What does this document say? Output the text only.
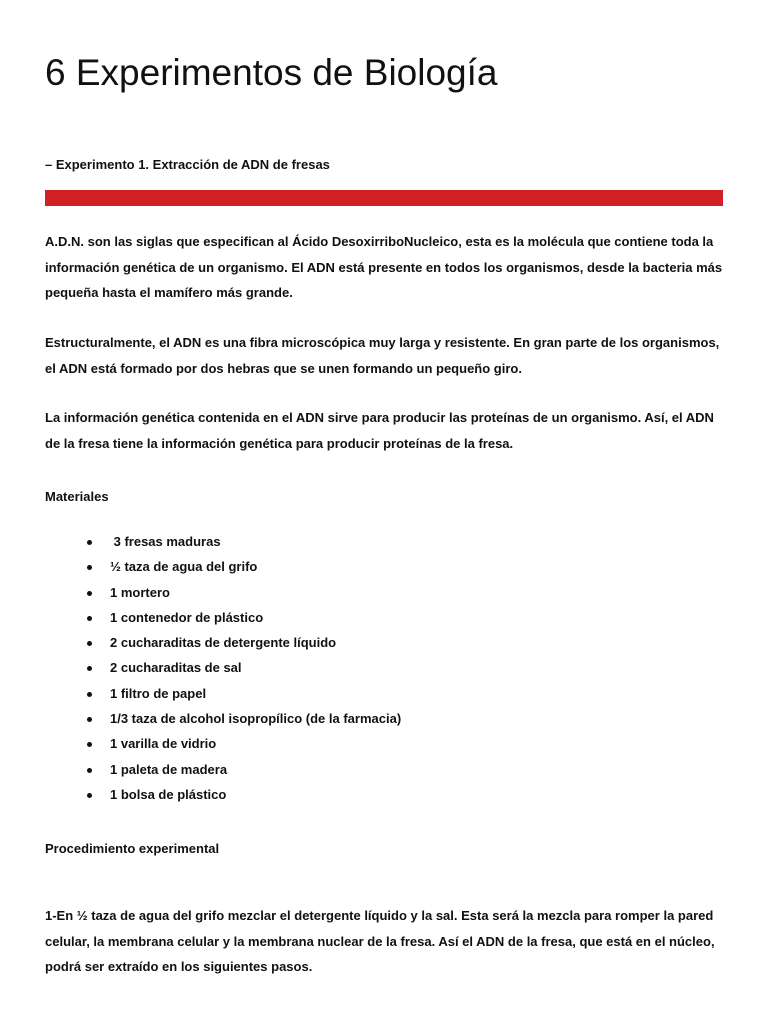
6 Experimentos de Biología

– Experimento 1. Extracción de ADN de fresas

A.D.N. son las siglas que especifican al Ácido DesoxirriboNucleico, esta es la molécula que contiene toda la información genética de un organismo. El ADN está presente en todos los organismos, desde la bacteria más pequeña hasta el mamífero más grande.

Estructuralmente, el ADN es una fibra microscópica muy larga y resistente. En gran parte de los organismos, el ADN está formado por dos hebras que se unen formando un pequeño giro.

La información genética contenida en el ADN sirve para producir las proteínas de un organismo. Así, el ADN de la fresa tiene la información genética para producir proteínas de la fresa.

Materiales

3 fresas maduras
½ taza de agua del grifo
1 mortero
1 contenedor de plástico
2 cucharaditas de detergente líquido
2 cucharaditas de sal
1 filtro de papel
1/3 taza de alcohol isopropílico (de la farmacia)
1 varilla de vidrio
1 paleta de madera
1 bolsa de plástico

Procedimiento experimental

1-En ½ taza de agua del grifo mezclar el detergente líquido y la sal. Esta será la mezcla para romper la pared celular, la membrana celular y la membrana nuclear de la fresa. Así el ADN de la fresa, que está en el núcleo, podrá ser extraído en los siguientes pasos.
